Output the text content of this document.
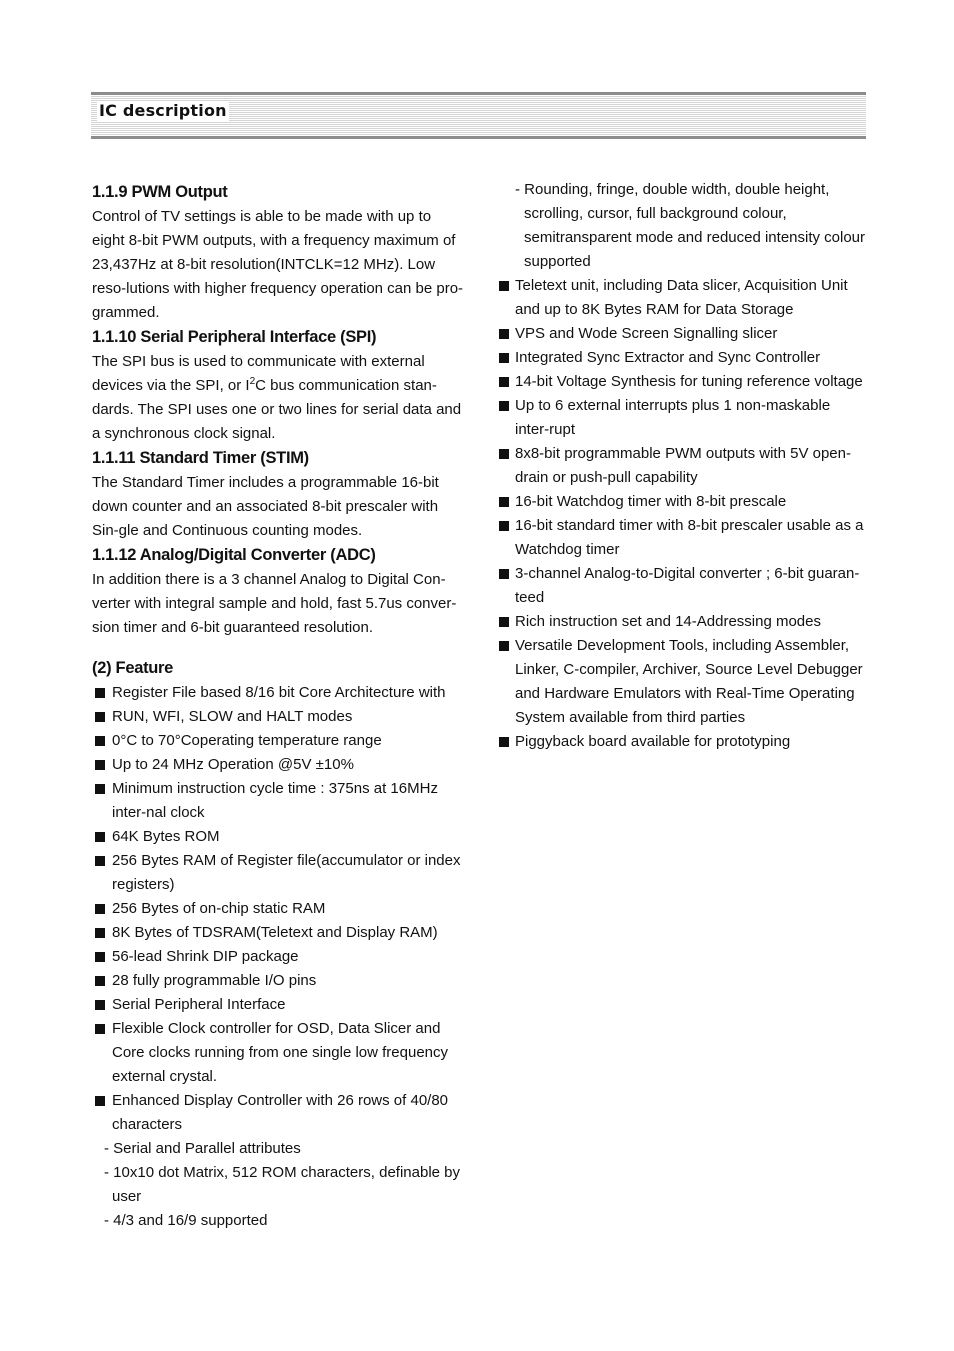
IC description
1.1.9 PWM Output

Control of TV settings is able to be made with up to eight 8-bit PWM outputs, with a frequency maximum of 23,437Hz at 8-bit resolution(INTCLK=12 MHz). Low reso-lutions with higher frequency operation can be pro-grammed.

1.1.10 Serial Peripheral Interface (SPI)

The SPI bus is used to communicate with external devices via the SPI, or $I^2C$ bus communication stan-dards. The SPI uses one or two lines for serial data and a synchronous clock signal.

1.1.11 Standard Timer (STIM)

The Standard Timer includes a programmable 16-bit down counter and an associated 8-bit prescaler with Sin-gle and Continuous counting modes.

1.1.12 Analog/Digital Converter (ADC)

In addition there is a 3 channel Analog to Digital Con-verter with integral sample and hold, fast 5.7us conver-sion timer and 6-bit guaranteed resolution.

(2) Feature

Register File based 8/16 bit Core Architecture with

RUN, WFI, SLOW and HALT modes

0°C to 70°Coperating temperature range

Up to 24 MHz Operation @5V ±10%

Minimum instruction cycle time : 375ns at 16MHz inter-nal clock

64K Bytes ROM

256 Bytes RAM of Register file(accumulator or index registers)

256 Bytes of on-chip static RAM

8K Bytes of TDSRAM(Teletext and Display RAM)

56-lead Shrink DIP package

28 fully programmable I/O pins

Serial Peripheral Interface

Flexible Clock controller for OSD, Data Slicer and Core clocks running from one single low frequency external crystal.

Enhanced Display Controller with 26 rows of 40/80 characters

- Serial and Parallel attributes

- 10x10 dot Matrix, 512 ROM characters, definable by user

- 4/3 and 16/9 supported

- Rounding, fringe, double width, double height, scrolling, cursor, full background colour, semitransparent mode and reduced intensity colour supported

Teletext unit, including Data slicer, Acquisition Unit and up to 8K Bytes RAM for Data Storage

VPS and Wode Screen Signalling slicer

Integrated Sync Extractor and Sync Controller

14-bit Voltage Synthesis for tuning reference voltage

Up to 6 external interrupts plus 1 non-maskable inter-rupt

8x8-bit programmable PWM outputs with 5V open-drain or push-pull capability

16-bit Watchdog timer with 8-bit prescale

16-bit standard timer with 8-bit prescaler usable as a Watchdog timer

3-channel Analog-to-Digital converter ; 6-bit guaran-teed

Rich instruction set and 14-Addressing modes

Versatile Development Tools, including Assembler, Linker, C-compiler, Archiver, Source Level Debugger and Hardware Emulators with Real-Time Operating System available from third parties

Piggyback board available for prototyping
